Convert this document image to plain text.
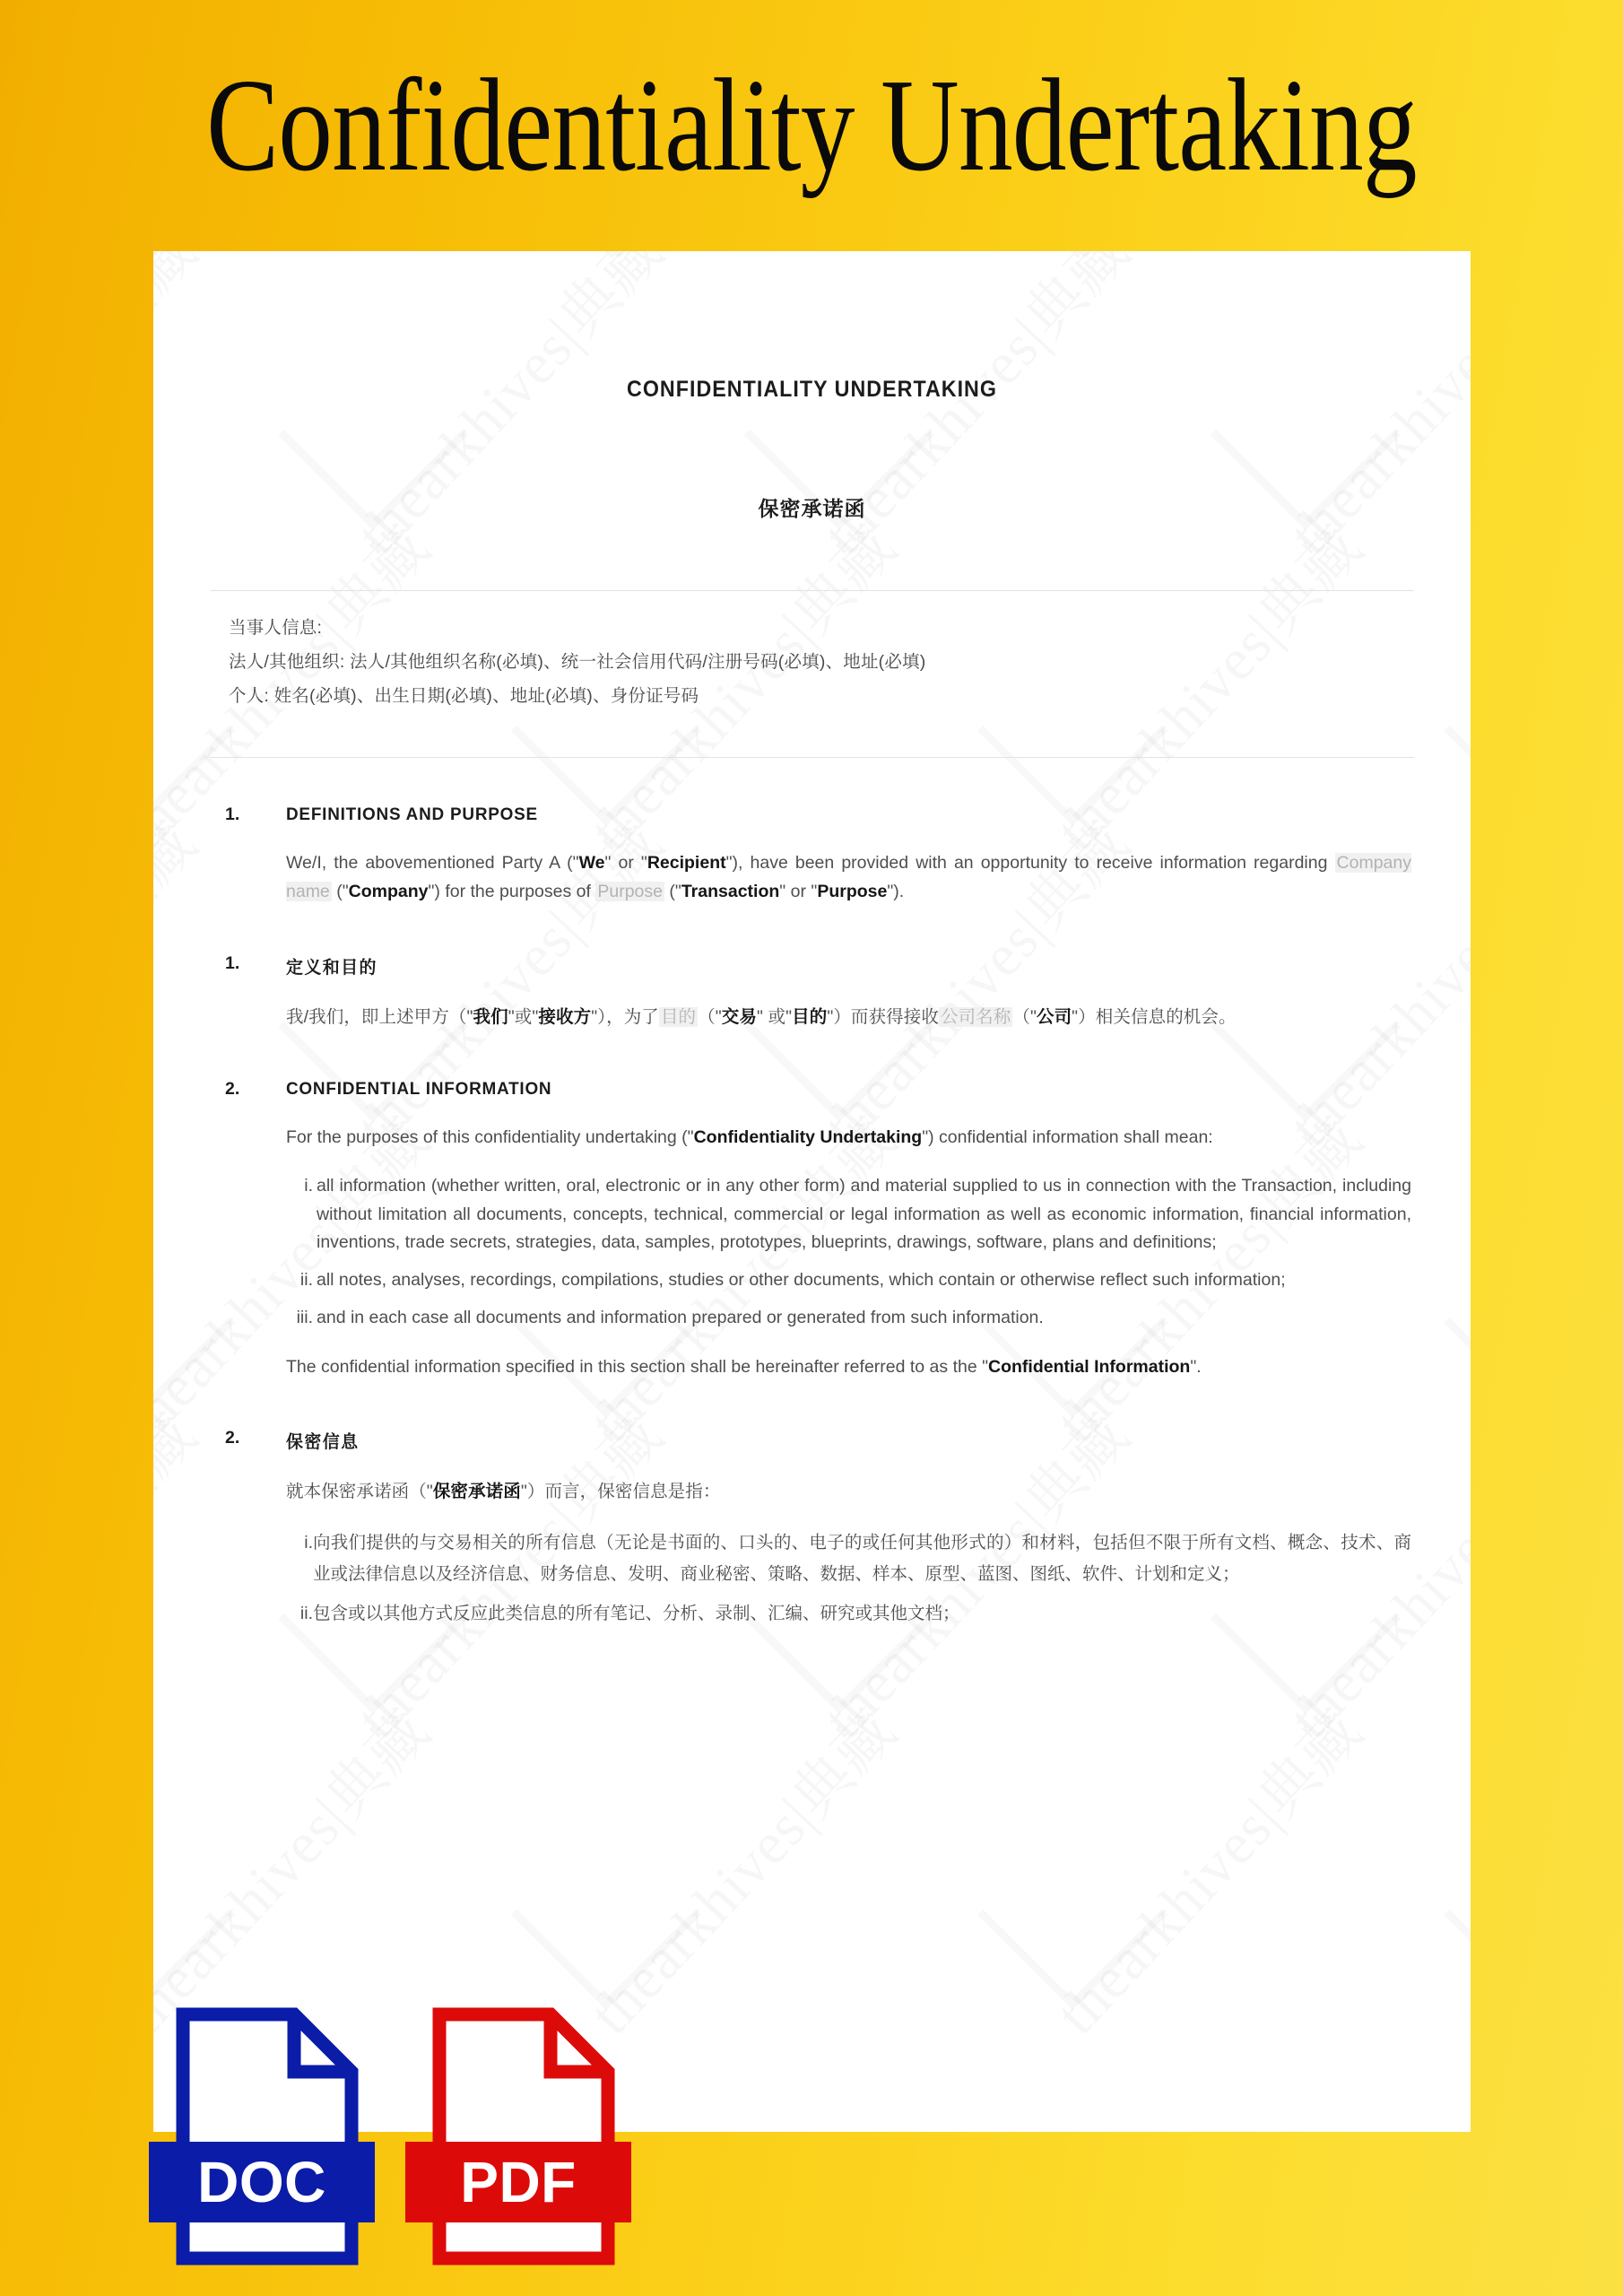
Confidentiality Undertaking
CONFIDENTIALITY UNDERTAKING
保密承诺函
当事人信息:
法人/其他组织: 法人/其他组织名称(必填)、统一社会信用代码/注册号码(必填)、地址(必填)
个人: 姓名(必填)、出生日期(必填)、地址(必填)、身份证号码
1.	DEFINITIONS AND PURPOSE
We/I, the abovementioned Party A ("We" or "Recipient"), have been provided with an opportunity to receive information regarding Company name ("Company") for the purposes of Purpose ("Transaction" or "Purpose").
1.	定义和目的
我/我们，即上述甲方（"我们"或"接收方"），为了 目的 （"交易" 或"目的"）而获得接收 公司名称 （"公司"）相关信息的机会。
2.	CONFIDENTIAL INFORMATION
For the purposes of this confidentiality undertaking ("Confidentiality Undertaking") confidential information shall mean:
i. all information (whether written, oral, electronic or in any other form) and material supplied to us in connection with the Transaction, including without limitation all documents, concepts, technical, commercial or legal information as well as economic information, financial information, inventions, trade secrets, strategies, data, samples, prototypes, blueprints, drawings, software, plans and definitions;
ii. all notes, analyses, recordings, compilations, studies or other documents, which contain or otherwise reflect such information;
iii. and in each case all documents and information prepared or generated from such information.
The confidential information specified in this section shall be hereinafter referred to as the "Confidential Information".
2.	保密信息
就本保密承诺函（"保密承诺函"）而言，保密信息是指：
i. 向我们提供的与交易相关的所有信息（无论是书面的、口头的、电子的或任何其他形式的）和材料，包括但不限于所有文档、概念、技术、商业或法律信息以及经济信息、财务信息、发明、商业秘密、策略、数据、样本、原型、蓝图、图纸、软件、计划和定义；
ii. 包含或以其他方式反应此类信息的所有笔记、分析、录制、汇编、研究或其他文档；
DOC	PDF
